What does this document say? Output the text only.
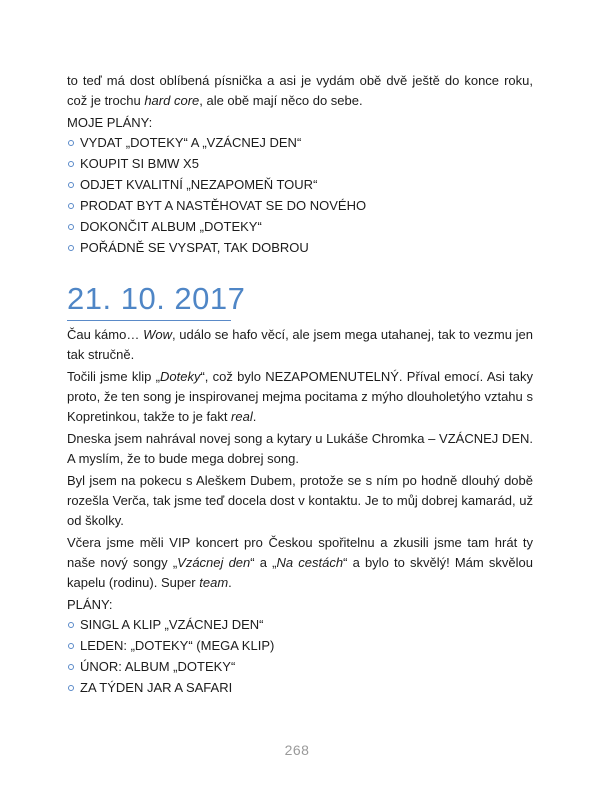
to teď má dost oblíbená písnička a asi je vydám obě dvě ještě do konce roku, což je trochu hard core, ale obě mají něco do sebe.

MOJE PLÁNY:

VYDAT „DOTEKY“ A „VZÁCNEJ DEN“
KOUPIT SI BMW X5
ODJET KVALITNÍ „NEZAPOMEŇ TOUR“
PRODAT BYT A NASTĚHOVAT SE DO NOVÉHO
DOKONČIT ALBUM „DOTEKY“
POŘÁDNĚ SE VYSPAT, TAK DOBROU
21. 10. 2017

Čau kámo… Wow, událo se hafo věcí, ale jsem mega utahanej, tak to vezmu jen tak stručně.

Točili jsme klip „Doteky“, což bylo NEZAPOMENUTELNÝ. Příval emocí. Asi taky proto, že ten song je inspirovanej mejma pocitama z mýho dlouholetýho vztahu s Kopretinkou, takže to je fakt real.

Dneska jsem nahrával novej song a kytary u Lukáše Chromka – VZÁCNEJ DEN. A myslím, že to bude mega dobrej song.

Byl jsem na pokecu s Aleškem Dubem, protože se s ním po hodně dlouhý době rozešla Verča, tak jsme teď docela dost v kontaktu. Je to můj dobrej kamarád, už od školky.

Včera jsme měli VIP koncert pro Českou spořitelnu a zkusili jsme tam hrát ty naše nový songy „Vzácnej den“ a „Na cestách“ a bylo to skvělý! Mám skvělou kapelu (rodinu). Super team.

PLÁNY:

SINGL A KLIP „VZÁCNEJ DEN“
LEDEN: „DOTEKY“ (MEGA KLIP)
ÚNOR: ALBUM „DOTEKY“
ZA TÝDEN JAR A SAFARI
268
